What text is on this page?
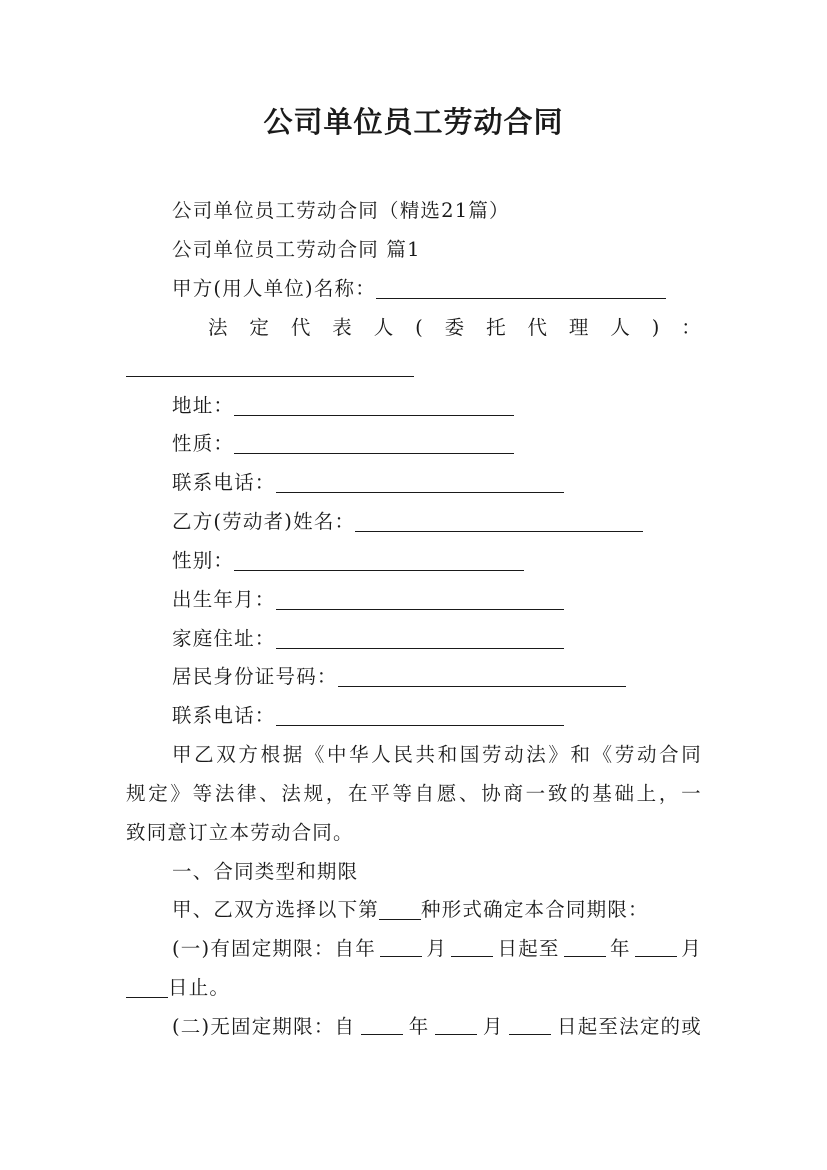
公司单位员工劳动合同
公司单位员工劳动合同（精选21篇）
公司单位员工劳动合同 篇1
甲方(用人单位)名称：
法 定 代 表 人 ( 委 托 代 理 人 ) ：
地址：
性质：
联系电话：
乙方(劳动者)姓名：
性别：
出生年月：
家庭住址：
居民身份证号码：
联系电话：
甲 乙 双 方 根 据 《 中 华 人 民 共 和 国 劳 动 法 》 和 《 劳 动 合 同
规 定 》 等 法 律 、 法 规 ， 在 平 等 自 愿 、 协 商 一 致 的 基 础 上 ， 一
致同意订立本劳动合同。
一、合同类型和期限
甲、乙双方选择以下第 种形式确定本合同期限：
(一)有固定期限：自年	月	日起至	年	月
日止。
(二)无固定期限：自	年	月	日起至法定的或
